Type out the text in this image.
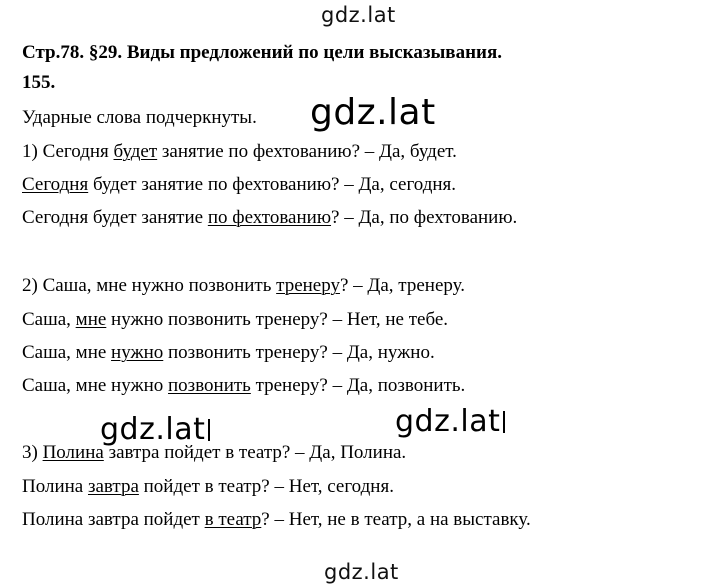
gdz.lat
gdz.lat
gdz.lat	gdz.lat
gdz.lat
Стр.78. §29. Виды предложений по цели высказывания.
155.
Ударные слова подчеркнуты.
1) Сегодня будет занятие по фехтованию? – Да, будет.
Сегодня будет занятие по фехтованию? – Да, сегодня.
Сегодня будет занятие по фехтованию? – Да, по фехтованию.
2) Саша, мне нужно позвонить тренеру? – Да, тренеру.
Саша, мне нужно позвонить тренеру? – Нет, не тебе.
Саша, мне нужно позвонить тренеру? – Да, нужно.
Саша, мне нужно позвонить тренеру? – Да, позвонить.
3) Полина завтра пойдет в театр? – Да, Полина.
Полина завтра пойдет в театр? – Нет, сегодня.
Полина завтра пойдет в театр? – Нет, не в театр, а на выставку.
